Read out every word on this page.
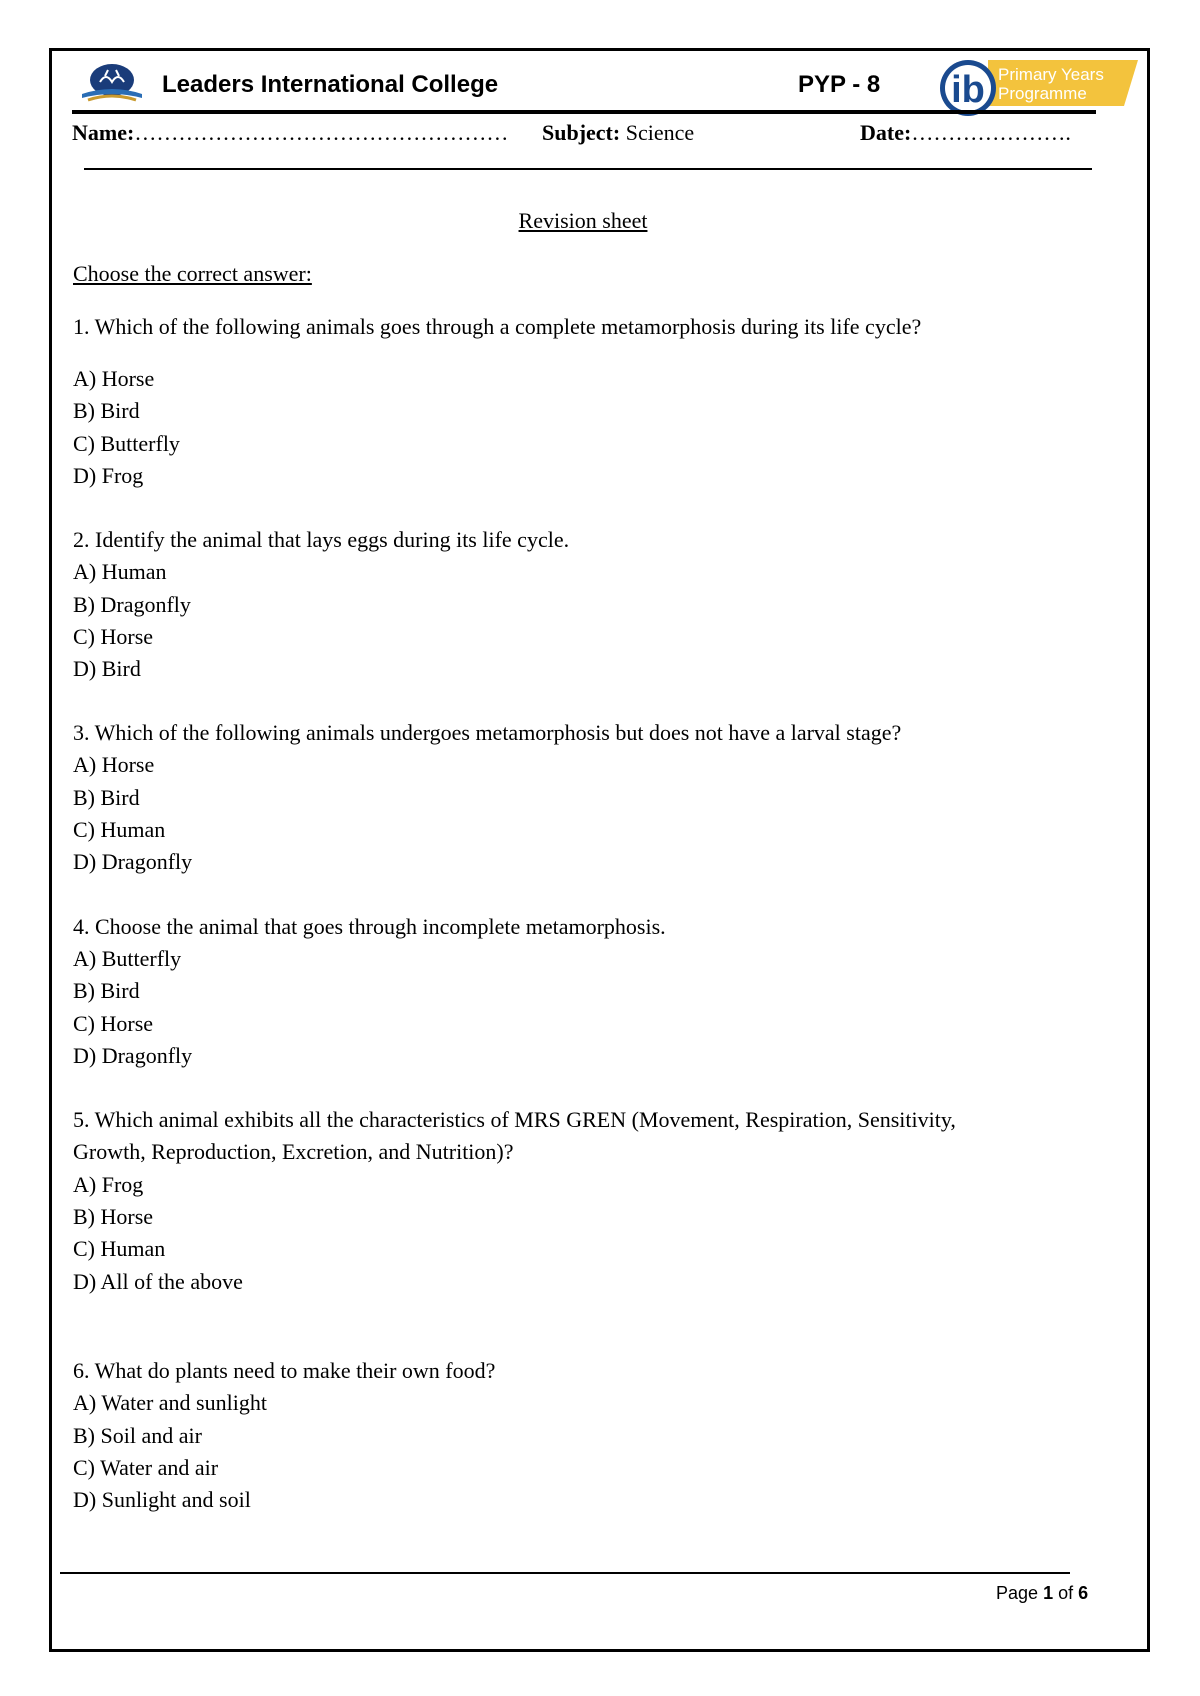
Leaders International College	PYP - 8 ib Primary Years
Programme
Name:…………………………………………… Subject: Science	Date:………………….
Revision sheet
Choose the correct answer:
1. Which of the following animals goes through a complete metamorphosis during its life cycle?
A) Horse
B) Bird
C) Butterfly
D) Frog
2. Identify the animal that lays eggs during its life cycle.
A) Human
B) Dragonfly
C) Horse
D) Bird
3. Which of the following animals undergoes metamorphosis but does not have a larval stage?
A) Horse
B) Bird
C) Human
D) Dragonfly
4. Choose the animal that goes through incomplete metamorphosis.
A) Butterfly
B) Bird
C) Horse
D) Dragonfly
5. Which animal exhibits all the characteristics of MRS GREN (Movement, Respiration, Sensitivity,
Growth, Reproduction, Excretion, and Nutrition)?
A) Frog
B) Horse
C) Human
D) All of the above
6. What do plants need to make their own food?
A) Water and sunlight
B) Soil and air
C) Water and air
D) Sunlight and soil
Page 1 of 6
